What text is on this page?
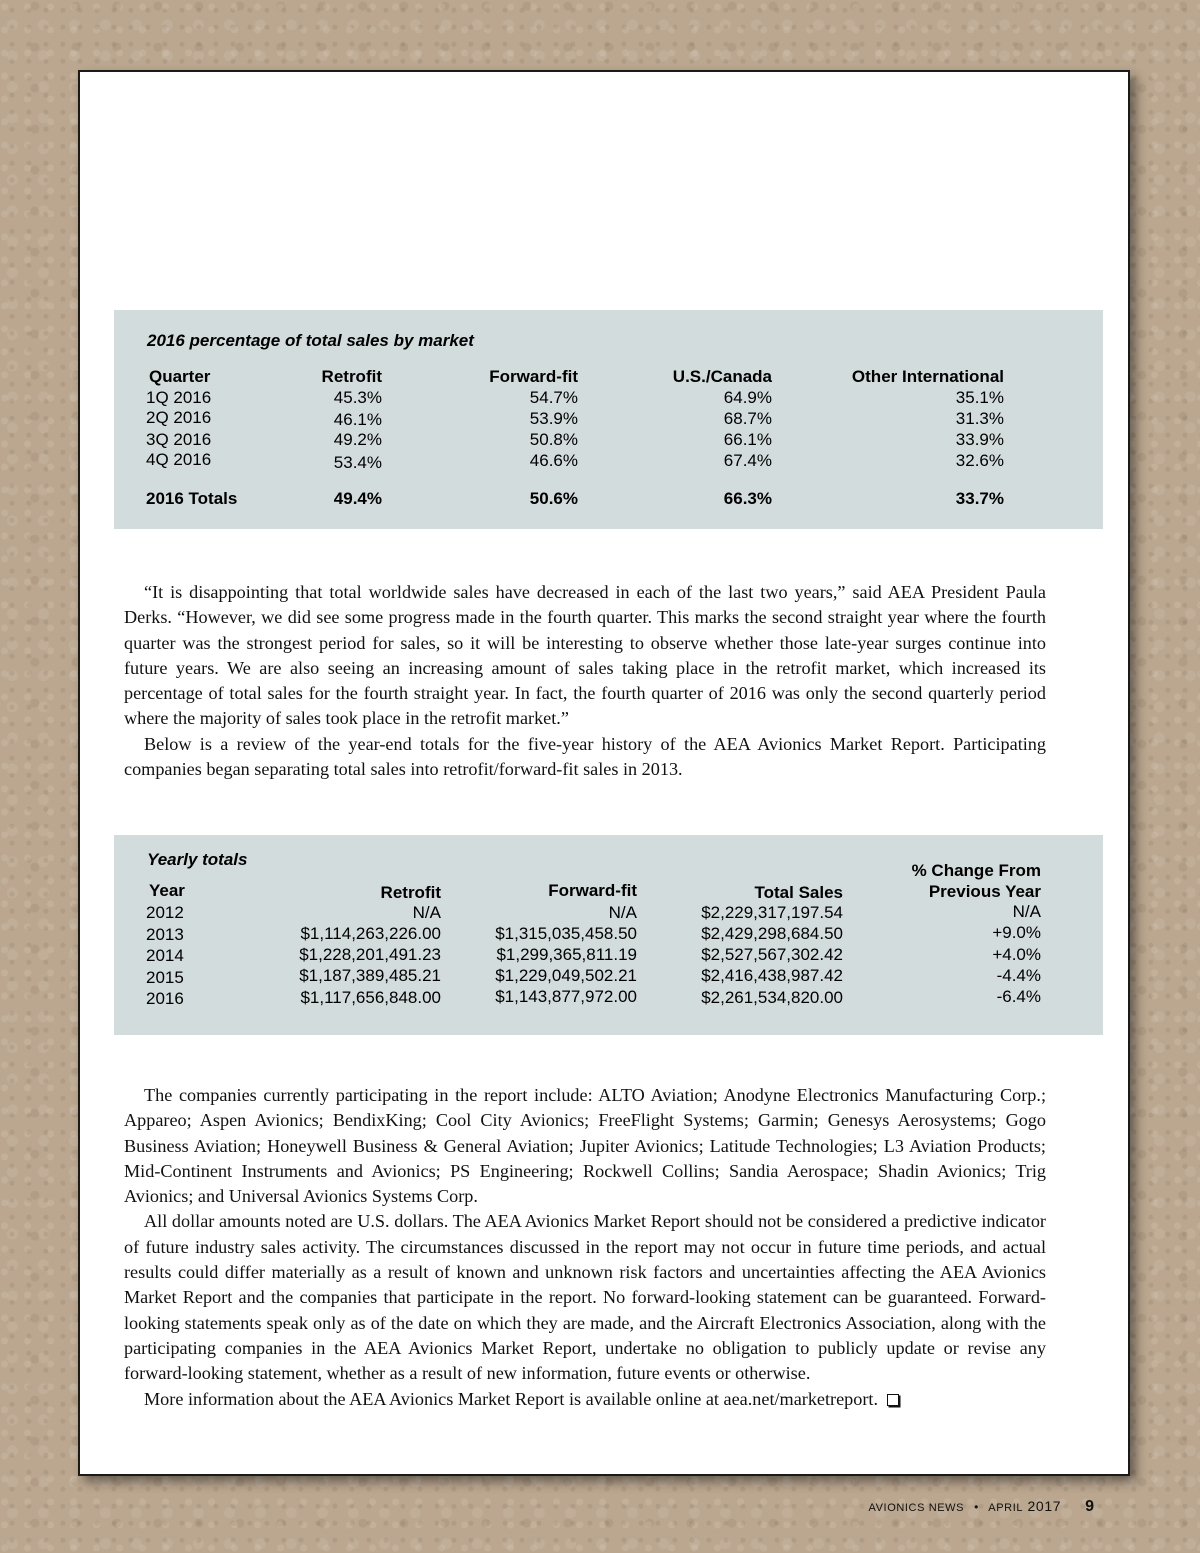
2016 percentage of total sales by market
Quarter	Retrofit	Forward-fit	U.S./Canada	Other International
1Q 2016	45.3%	54.7%	64.9%	35.1%
2Q 2016	46.1%	53.9%	68.7%	31.3%
3Q 2016	49.2%	50.8%	66.1%	33.9%
4Q 2016	53.4%	46.6%	67.4%	32.6%
2016 Totals	49.4%	50.6%	66.3%	33.7%

“It is disappointing that total worldwide sales have decreased in each of the last two years,” said AEA President Paula Derks. “However, we did see some progress made in the fourth quarter. This marks the second straight year where the fourth quarter was the strongest period for sales, so it will be interesting to observe whether those late-year surges continue into future years. We are also seeing an increasing amount of sales taking place in the retrofit market, which increased its percentage of total sales for the fourth straight year. In fact, the fourth quarter of 2016 was only the second quarterly period where the majority of sales took place in the retrofit market.”

Below is a review of the year-end totals for the five-year history of the AEA Avionics Market Report. Participating companies began separating total sales into retrofit/forward-fit sales in 2013.

Yearly totals
Year	Retrofit	Forward-fit	Total Sales
% Change From
Previous Year
2012	N/A	N/A	$2,229,317,197.54	N/A
2013	$1,114,263,226.00	$1,315,035,458.50	$2,429,298,684.50	+9.0%
2014	$1,228,201,491.23	$1,299,365,811.19	$2,527,567,302.42	+4.0%
2015	$1,187,389,485.21	$1,229,049,502.21	$2,416,438,987.42	-4.4%
2016	$1,117,656,848.00	$1,143,877,972.00	$2,261,534,820.00	-6.4%

The companies currently participating in the report include: ALTO Aviation; Anodyne Electronics Manufacturing Corp.; Appareo; Aspen Avionics; BendixKing; Cool City Avionics; FreeFlight Systems; Garmin; Genesys Aerosystems; Gogo Business Aviation; Honeywell Business & General Aviation; Jupiter Avionics; Latitude Technologies; L3 Aviation Products; Mid-Continent Instruments and Avionics; PS Engineering; Rockwell Collins; Sandia Aerospace; Shadin Avionics; Trig Avionics; and Universal Avionics Systems Corp.

All dollar amounts noted are U.S. dollars. The AEA Avionics Market Report should not be considered a predictive indicator of future industry sales activity. The circumstances discussed in the report may not occur in future time periods, and actual results could differ materially as a result of known and unknown risk factors and uncertainties affecting the AEA Avionics Market Report and the companies that participate in the report. No forward-looking statement can be guaranteed. Forward-looking statements speak only as of the date on which they are made, and the Aircraft Electronics Association, along with the participating companies in the AEA Avionics Market Report, undertake no obligation to publicly update or revise any forward-looking statement, whether as a result of new information, future events or otherwise.

More information about the AEA Avionics Market Report is available online at aea.net/marketreport.

AVIONICS NEWS • APRIL 2017 9
